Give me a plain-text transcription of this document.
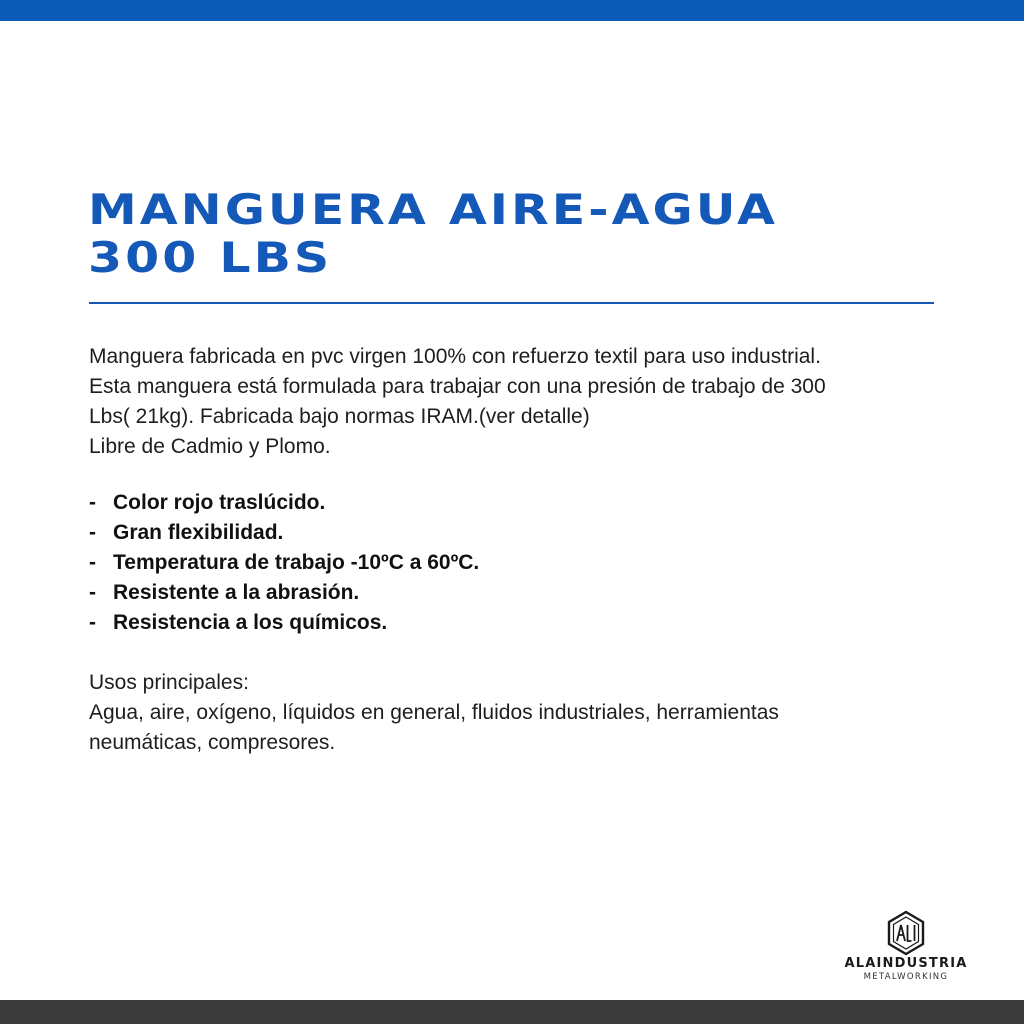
MANGUERA AIRE-AGUA
300 LBS
Manguera fabricada en pvc virgen 100% con refuerzo textil para uso industrial.
Esta manguera está formulada para trabajar con una presión de trabajo de 300
Lbs( 21kg). Fabricada bajo normas IRAM.(ver detalle)
Libre de Cadmio y Plomo.
- Color rojo traslúcido.
- Gran flexibilidad.
- Temperatura de trabajo -10ºC a 60ºC.
- Resistente a la abrasión.
- Resistencia a los químicos.
Usos principales:
Agua, aire, oxígeno, líquidos en general, fluidos industriales, herramientas
neumáticas, compresores.
ALAINDUSTRIA
METALWORKING
